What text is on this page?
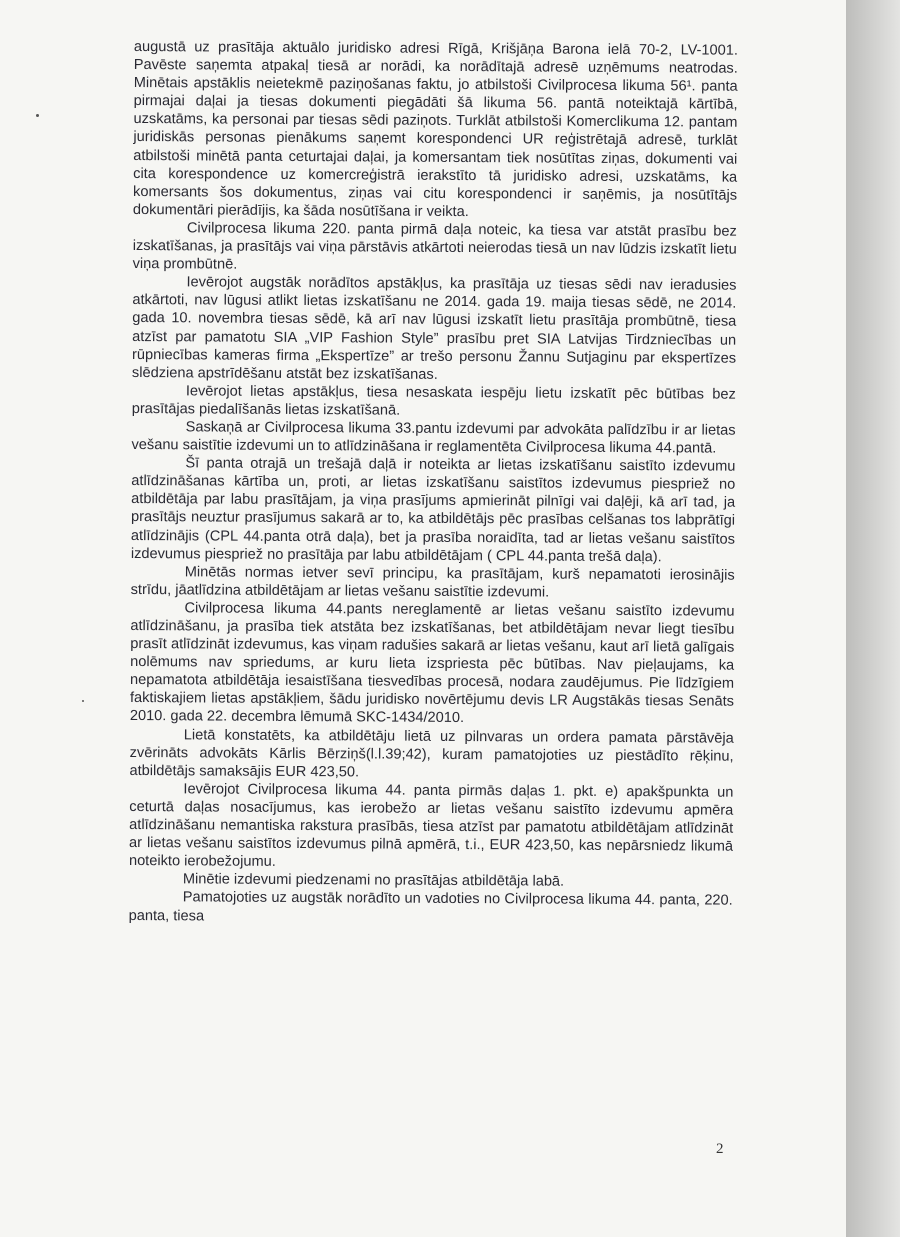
augustā uz prasītāja aktuālo juridisko adresi Rīgā, Krišjāņa Barona ielā 70-2, LV-1001. Pavēste saņemta atpakaļ tiesā ar norādi, ka norādītajā adresē uzņēmums neatrodas. Minētais apstāklis neietekmē paziņošanas faktu, jo atbilstoši Civilprocesa likuma 56¹. panta pirmajai daļai ja tiesas dokumenti piegādāti šā likuma 56. pantā noteiktajā kārtībā, uzskatāms, ka personai par tiesas sēdi paziņots. Turklāt atbilstoši Komerclikuma 12. pantam juridiskās personas pienākums saņemt korespondenci UR reģistrētajā adresē, turklāt atbilstoši minētā panta ceturtajai daļai, ja komersantam tiek nosūtītas ziņas, dokumenti vai cita korespondence uz komercreģistrā ierakstīto tā juridisko adresi, uzskatāms, ka komersants šos dokumentus, ziņas vai citu korespondenci ir saņēmis, ja nosūtītājs dokumentāri pierādījis, ka šāda nosūtīšana ir veikta.

Civilprocesa likuma 220. panta pirmā daļa noteic, ka tiesa var atstāt prasību bez izskatīšanas, ja prasītājs vai viņa pārstāvis atkārtoti neierodas tiesā un nav lūdzis izskatīt lietu viņa prombūtnē.

Ievērojot augstāk norādītos apstākļus, ka prasītāja uz tiesas sēdi nav ieradusies atkārtoti, nav lūgusi atlikt lietas izskatīšanu ne 2014. gada 19. maija tiesas sēdē, ne 2014. gada 10. novembra tiesas sēdē, kā arī nav lūgusi izskatīt lietu prasītāja prombūtnē, tiesa atzīst par pamatotu SIA „VIP Fashion Style” prasību pret SIA Latvijas Tirdzniecības un rūpniecības kameras firma „Ekspertīze” ar trešo personu Žannu Sutjaginu par ekspertīzes slēdziena apstrīdēšanu atstāt bez izskatīšanas.

Ievērojot lietas apstākļus, tiesa nesaskata iespēju lietu izskatīt pēc būtības bez prasītājas piedalīšanās lietas izskatīšanā.

Saskaņā ar Civilprocesa likuma 33.pantu izdevumi par advokāta palīdzību ir ar lietas vešanu saistītie izdevumi un to atlīdzināšana ir reglamentēta Civilprocesa likuma 44.pantā.

Šī panta otrajā un trešajā daļā ir noteikta ar lietas izskatīšanu saistīto izdevumu atlīdzināšanas kārtība un, proti, ar lietas izskatīšanu saistītos izdevumus piespriež no atbildētāja par labu prasītājam, ja viņa prasījums apmierināt pilnīgi vai daļēji, kā arī tad, ja prasītājs neuztur prasījumus sakarā ar to, ka atbildētājs pēc prasības celšanas tos labprātīgi atlīdzinājis (CPL 44.panta otrā daļa), bet ja prasība noraidīta, tad ar lietas vešanu saistītos izdevumus piespriež no prasītāja par labu atbildētājam ( CPL 44.panta trešā daļa).

Minētās normas ietver sevī principu, ka prasītājam, kurš nepamatoti ierosinājis strīdu, jāatlīdzina atbildētājam ar lietas vešanu saistītie izdevumi.

Civilprocesa likuma 44.pants nereglamentē ar lietas vešanu saistīto izdevumu atlīdzināšanu, ja prasība tiek atstāta bez izskatīšanas, bet atbildētājam nevar liegt tiesību prasīt atlīdzināt izdevumus, kas viņam radušies sakarā ar lietas vešanu, kaut arī lietā galīgais nolēmums nav spriedums, ar kuru lieta izspriesta pēc būtības. Nav pieļaujams, ka nepamatota atbildētāja iesaistīšana tiesvedības procesā, nodara zaudējumus. Pie līdzīgiem faktiskajiem lietas apstākļiem, šādu juridisko novērtējumu devis LR Augstākās tiesas Senāts 2010. gada 22. decembra lēmumā SKC-1434/2010.

Lietā konstatēts, ka atbildētāju lietā uz pilnvaras un ordera pamata pārstāvēja zvērināts advokāts Kārlis Bērziņš(l.l.39;42), kuram pamatojoties uz piestādīto rēķinu, atbildētājs samaksājis EUR 423,50.

Ievērojot Civilprocesa likuma 44. panta pirmās daļas 1. pkt. e) apakšpunkta un ceturtā daļas nosacījumus, kas ierobežo ar lietas vešanu saistīto izdevumu apmēra atlīdzināšanu nemantiska rakstura prasībās, tiesa atzīst par pamatotu atbildētājam atlīdzināt ar lietas vešanu saistītos izdevumus pilnā apmērā, t.i., EUR 423,50, kas nepārsniedz likumā noteikto ierobežojumu.

Minētie izdevumi piedzenami no prasītājas atbildētāja labā.

Pamatojoties uz augstāk norādīto un vadoties no Civilprocesa likuma 44. panta, 220. panta, tiesa

2
